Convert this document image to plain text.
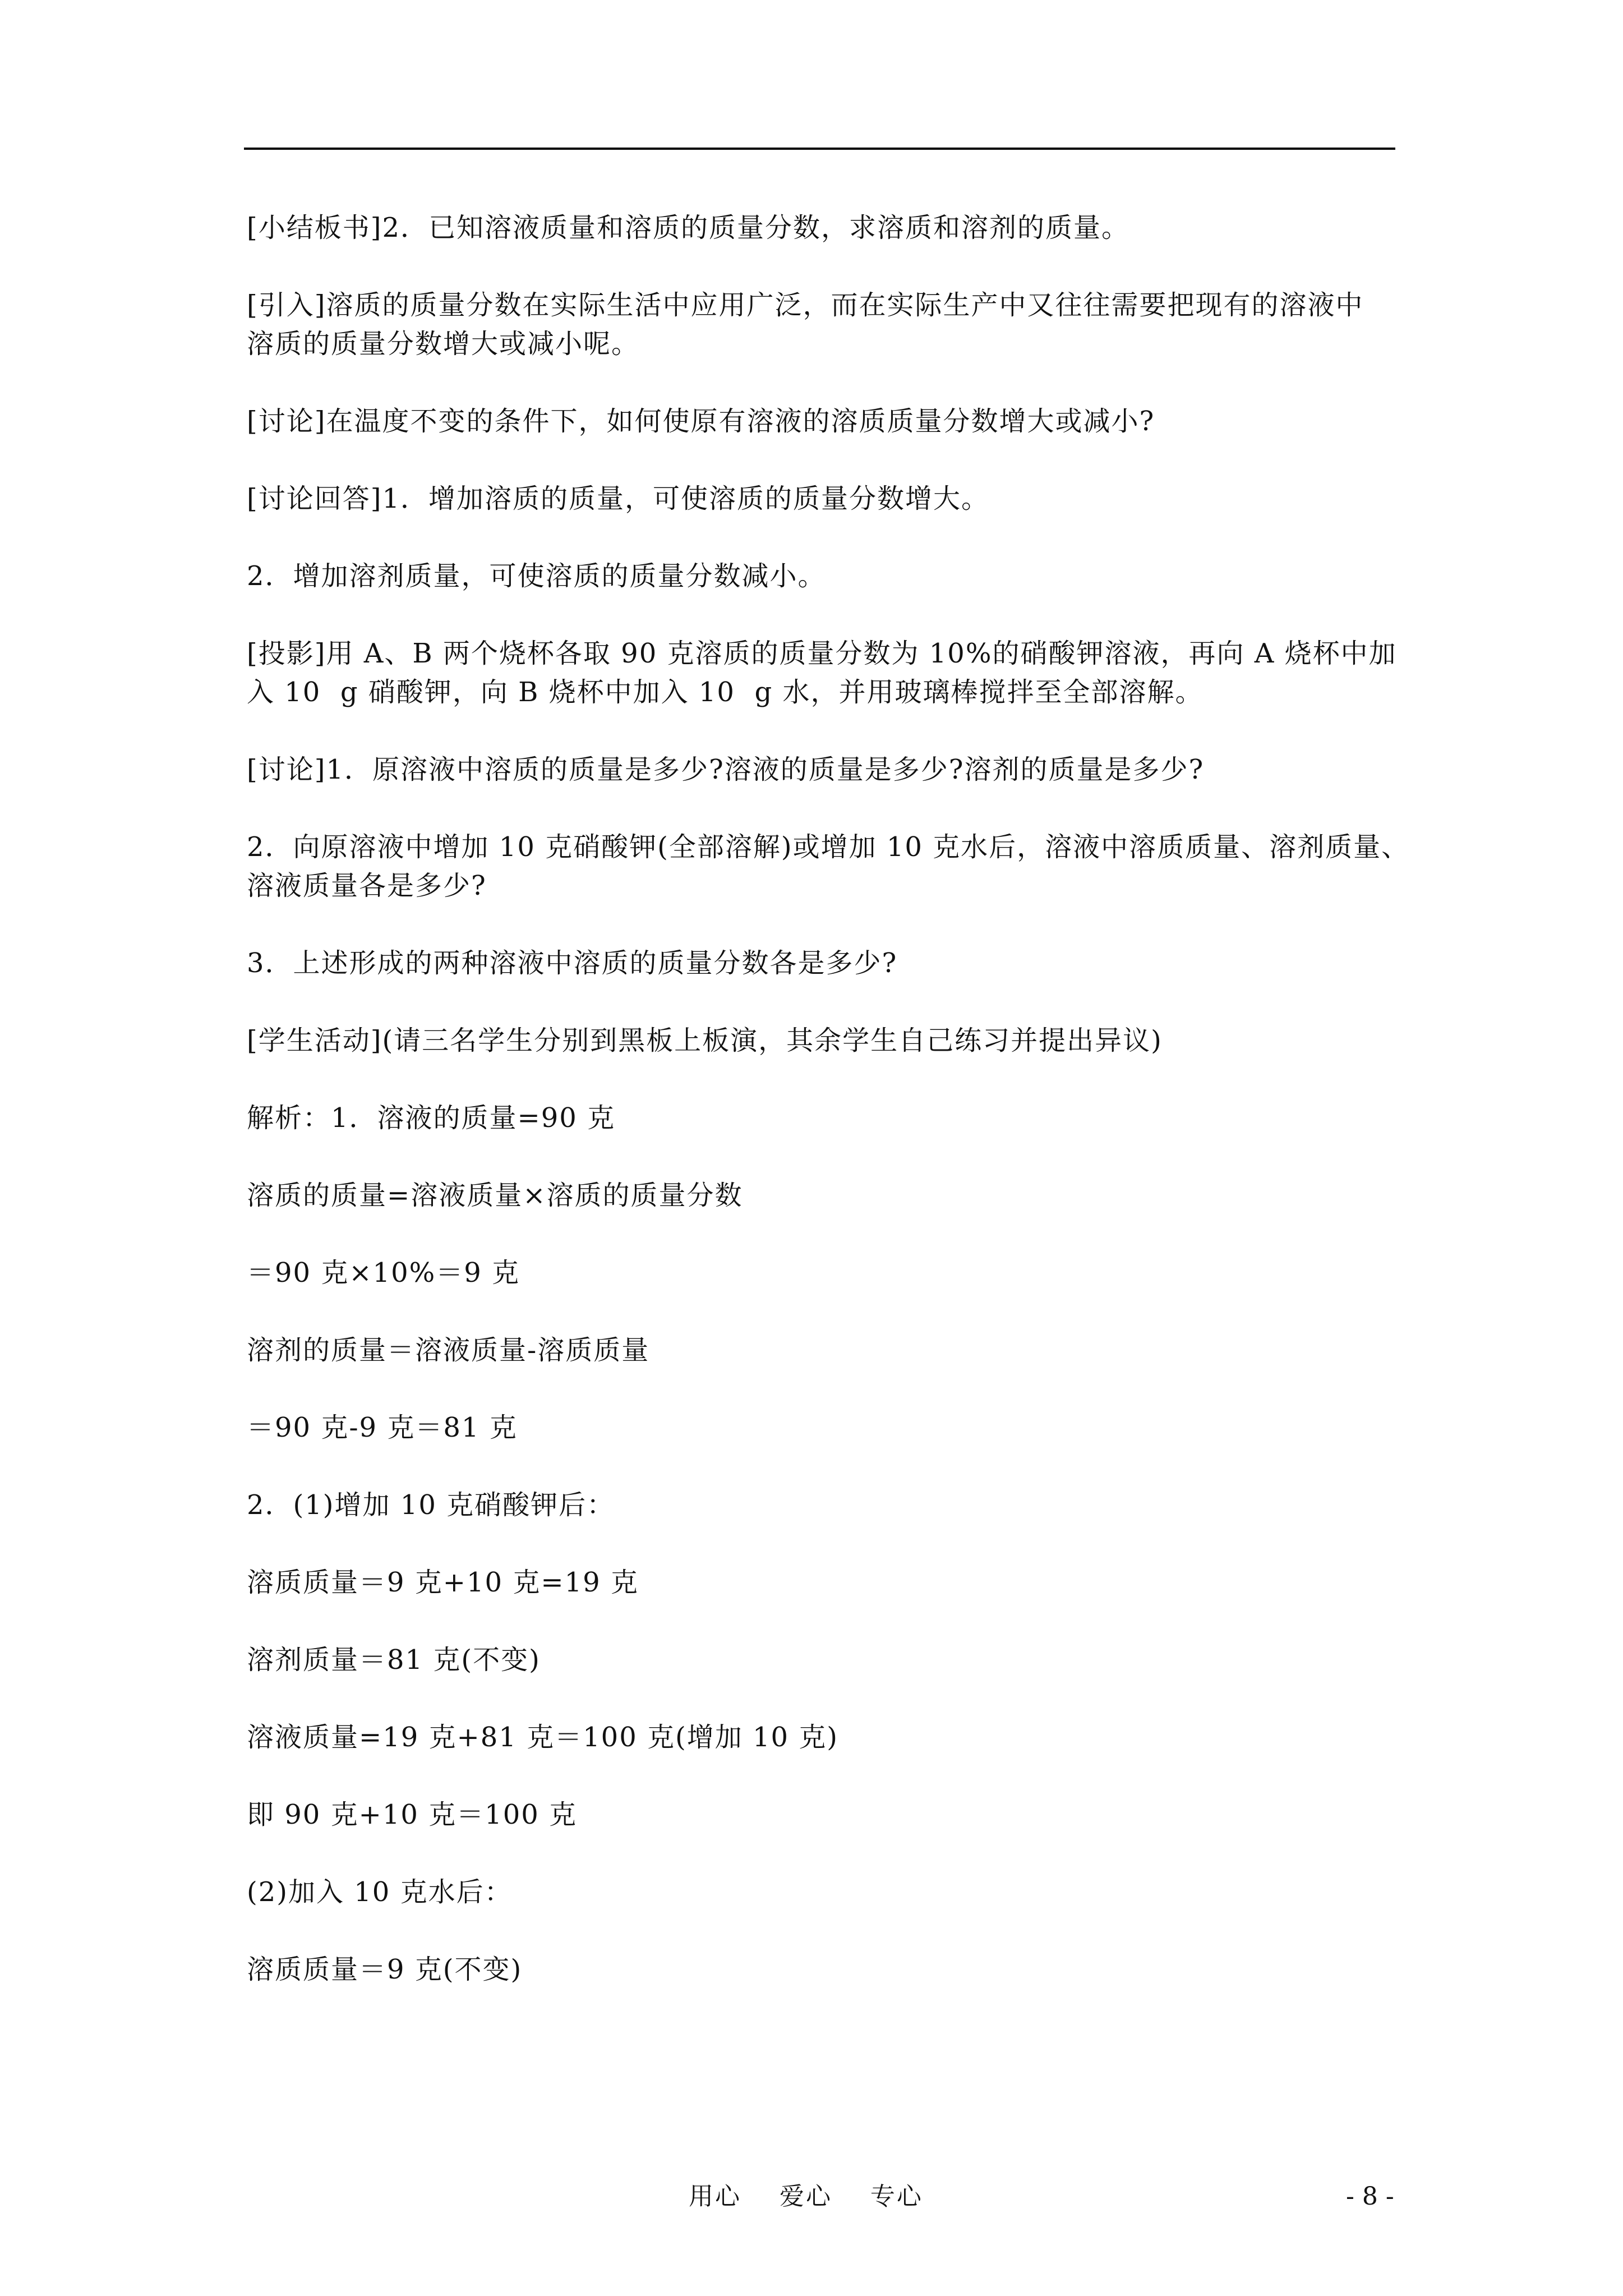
[小结板书]2．已知溶液质量和溶质的质量分数，求溶质和溶剂的质量。
[引入]溶质的质量分数在实际生活中应用广泛，而在实际生产中又往往需要把现有的溶液中
溶质的质量分数增大或减小呢。
[讨论]在温度不变的条件下，如何使原有溶液的溶质质量分数增大或减小?
[讨论回答]1．增加溶质的质量，可使溶质的质量分数增大。
2．增加溶剂质量，可使溶质的质量分数减小。
[投影]用 A、B 两个烧杯各取 90 克溶质的质量分数为 10%的硝酸钾溶液，再向 A 烧杯中加
入 10  g 硝酸钾，向 B 烧杯中加入 10  g 水，并用玻璃棒搅拌至全部溶解。
[讨论]1．原溶液中溶质的质量是多少?溶液的质量是多少?溶剂的质量是多少?
2．向原溶液中增加 10 克硝酸钾(全部溶解)或增加 10 克水后，溶液中溶质质量、溶剂质量、
溶液质量各是多少?
3．上述形成的两种溶液中溶质的质量分数各是多少?
[学生活动](请三名学生分别到黑板上板演，其余学生自己练习并提出异议)
解析：1．溶液的质量=90 克
溶质的质量=溶液质量×溶质的质量分数
＝90 克×10%＝9 克
溶剂的质量＝溶液质量-溶质质量
＝90 克-9 克＝81 克
2．(1)增加 10 克硝酸钾后：
溶质质量＝9 克+10 克=19 克
溶剂质量＝81 克(不变)
溶液质量=19 克+81 克＝100 克(增加 10 克)
即 90 克+10 克＝100 克
(2)加入 10 克水后：
溶质质量＝9 克(不变)
用心    爱心    专心	- 8 -
